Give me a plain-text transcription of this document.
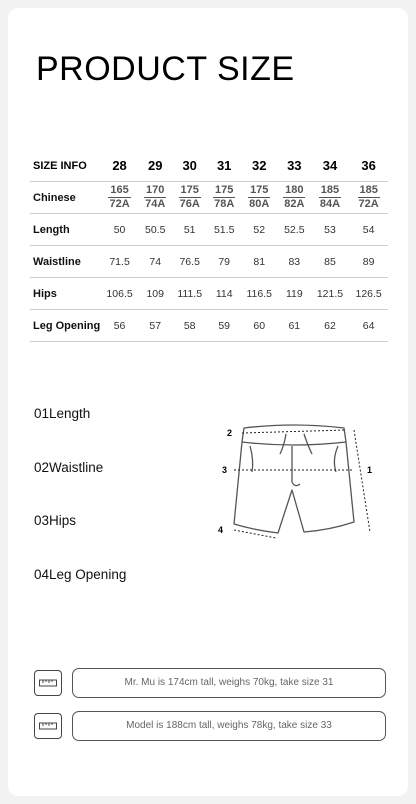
PRODUCT SIZE
SIZE INFO	28	29	30	31	32	33	34	36
Chinese	$\frac{165}{72A}$	$\frac{170}{74A}$	$\frac{175}{76A}$	$\frac{175}{78A}$	$\frac{175}{80A}$	$\frac{180}{82A}$	$\frac{185}{84A}$	$\frac{185}{72A}$

Length	50	50.5	51	51.5	52	52.5	53	54
Waistline	71.5	74	76.5	79	81	83	85	89
Hips	106.5	109	111.5	114	116.5	119	121.5	126.5
Leg Opening	56	57	58	59	60	61	62	64
01Length
02Waistline
03Hips
04Leg Opening
2
3	1
4
Mr. Mu is 174cm tall, weighs 70kg, take size 31
Model is 188cm tall, weighs 78kg, take size 33
